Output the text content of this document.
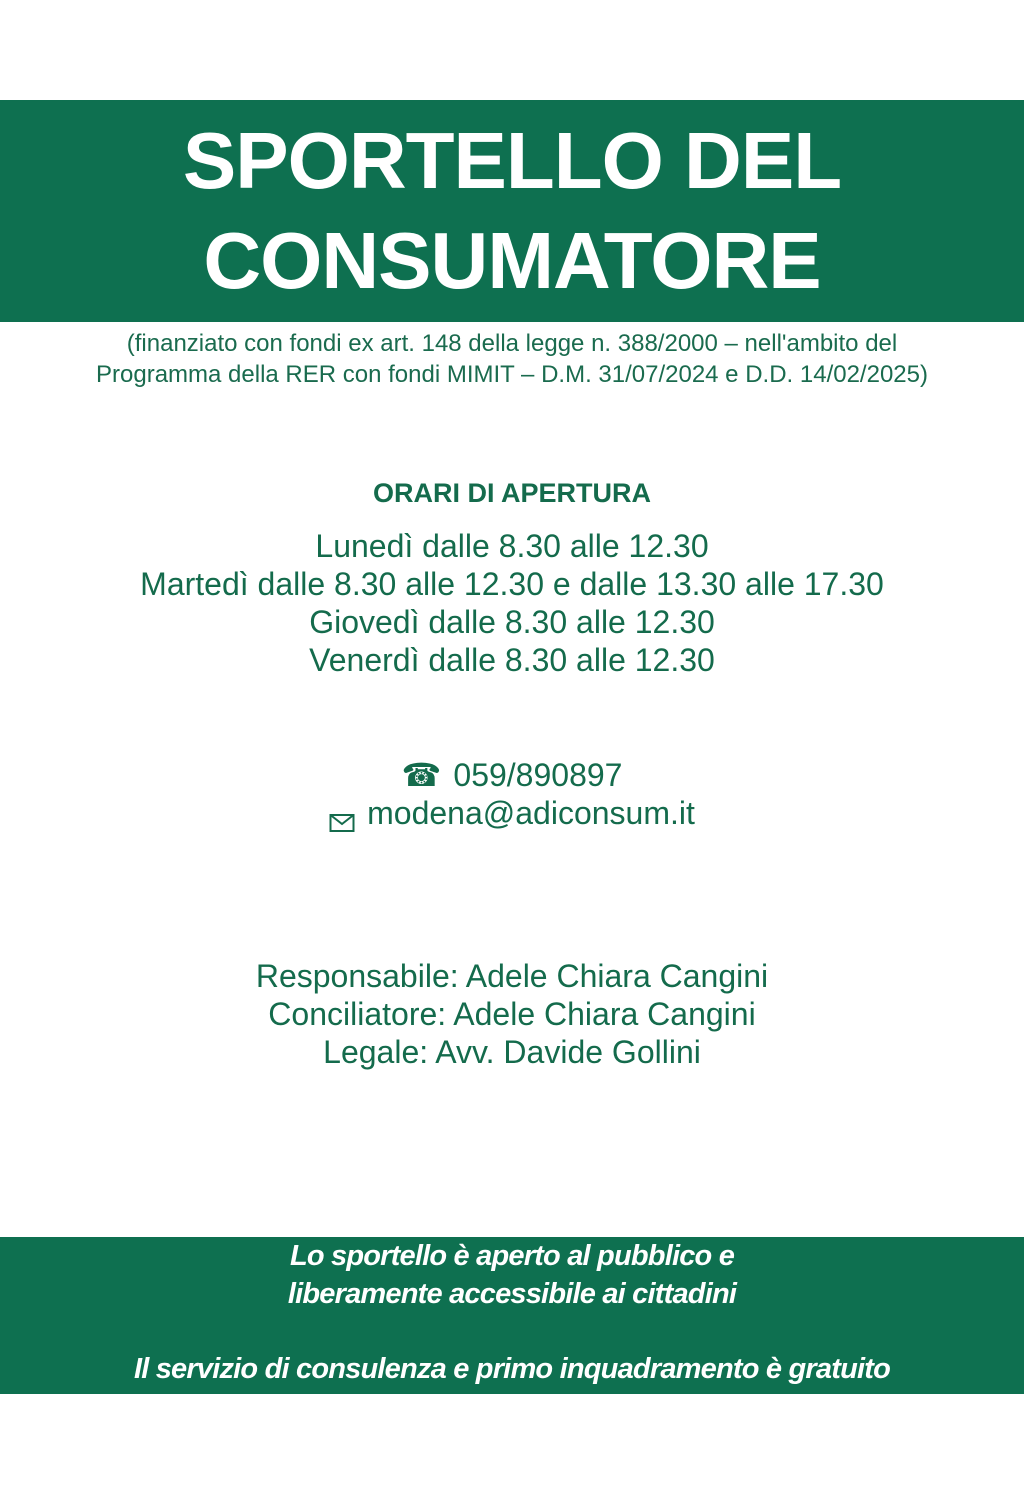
SPORTELLO DEL
CONSUMATORE
(finanziato con fondi ex art. 148 della legge n. 388/2000 – nell'ambito del
Programma della RER con fondi MIMIT – D.M. 31/07/2024 e D.D. 14/02/2025)
ORARI DI APERTURA
Lunedì dalle 8.30 alle 12.30
Martedì dalle 8.30 alle 12.30 e dalle 13.30 alle 17.30
Giovedì dalle 8.30 alle 12.30
Venerdì dalle 8.30 alle 12.30
☎ 059/890897
modena@adiconsum.it
Responsabile: Adele Chiara Cangini
Conciliatore: Adele Chiara Cangini
Legale: Avv. Davide Gollini
Lo sportello è aperto al pubblico e
liberamente accessibile ai cittadini
Il servizio di consulenza e primo inquadramento è gratuito
